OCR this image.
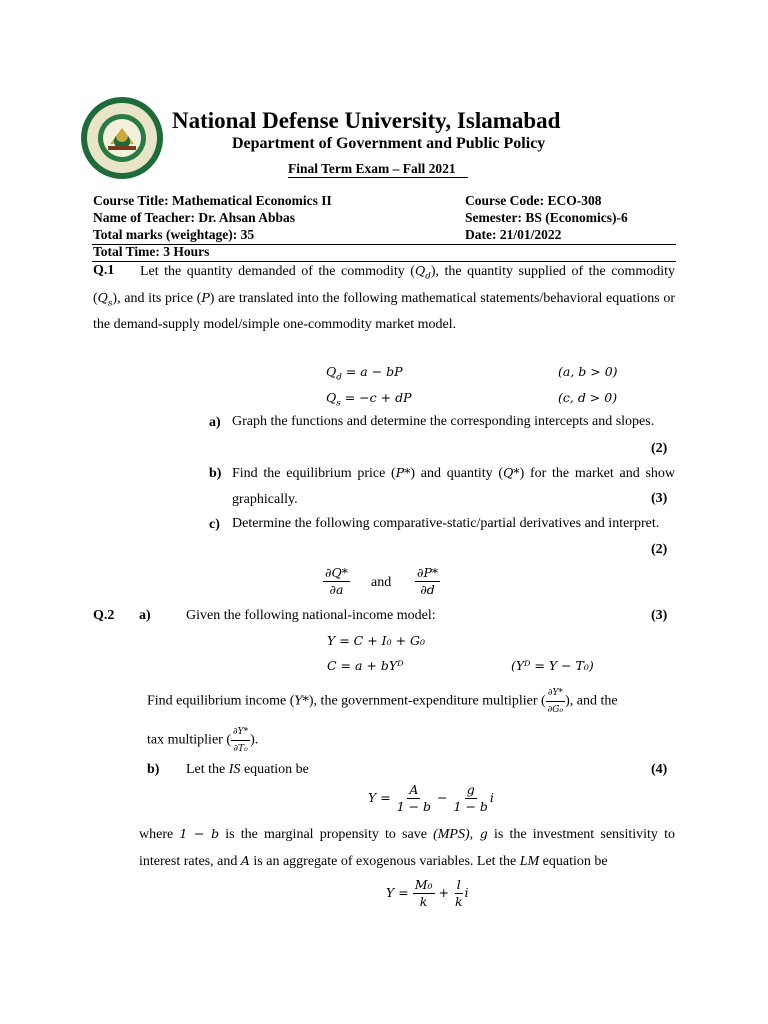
National Defense University, Islamabad
Department of Government and Public Policy
Final Term Exam – Fall 2021
Course Title: Mathematical Economics II	Course Code: ECO-308
Name of Teacher: Dr. Ahsan Abbas	Semester: BS (Economics)-6
Total marks (weightage): 35	Date: 21/01/2022
Total Time: 3 Hours
Q.1	Let the quantity demanded of the commodity $(Q_d)$, the quantity supplied of the commodity $(Q_s)$, and its price (P) are translated into the following mathematical statements/behavioral equations or the demand-supply model/simple one-commodity market model.
$Q_d = a$ − bP	(a, b > 0)
$Q_s = -c$ + dP	(c, d > 0)
a) Graph the functions and determine the corresponding intercepts and slopes.
(2)
b) Find the equilibrium price (P*) and quantity (Q*) for the market and show graphically.	(3)
c) Determine the following comparative-static/partial derivatives and interpret.
(2)
$\frac{\partial Q*}{\partial a}$ and $\frac{\partial P*}{\partial d}$
Q.2 a)	Given the following national-income model:	(3)
Y = C + I₀ + G₀
C = a + bYᴰ	(Yᴰ = Y − T₀)
Find equilibrium income (Y*), the government-expenditure multiplier ( $\frac{\partial Y*}{\text{∂G₀}}$ ), and the
tax multiplier ( $\frac{\partial Y*}{\text{∂T₀}}$ ).
b) Let the IS equation be	(4)
$Y = \frac{A}{1 - b} - \frac{g}{1 - b}$ i
where 1 − b is the marginal propensity to save (MPS), g is the investment sensitivity to interest rates, and A is an aggregate of exogenous variables. Let the LM equation be
$Y = \frac{\text{M₀}}{k} + \frac{l}{k}$ i
